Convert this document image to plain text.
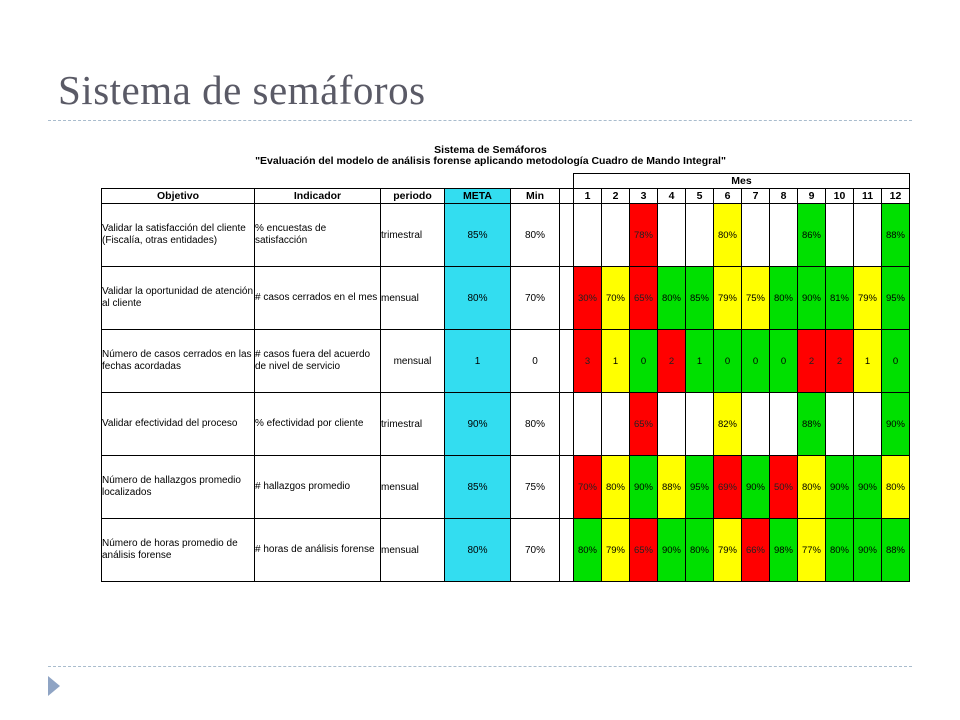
Sistema de semáforos
Sistema de Semáforos
"Evaluación del modelo de análisis forense aplicando metodología Cuadro de Mando Integral"
						Mes											
Objetivo	Indicador	periodo	META	Min		1	2	3	4	5	6	7	8	9	10	11	12
Validar la satisfacción del cliente (Fiscalía, otras entidades)	% encuestas de satisfacción	trimestral	85%	80%				78%			80%			86%			88%
Validar la oportunidad de atención al cliente	# casos cerrados en el mes	mensual	80%	70%		30%	70%	65%	80%	85%	79%	75%	80%	90%	81%	79%	95%
Número de casos cerrados en las fechas acordadas	# casos fuera del acuerdo de nivel de servicio	mensual	1	0		3	1	0	2	1	0	0	0	2	2	1	0
Validar efectividad del proceso	% efectividad por cliente	trimestral	90%	80%				65%			82%			88%			90%
Número de hallazgos promedio localizados	# hallazgos promedio	mensual	85%	75%		70%	80%	90%	88%	95%	69%	90%	50%	80%	90%	90%	80%
Número de horas promedio de análisis forense	# horas de análisis forense	mensual	80%	70%		80%	79%	65%	90%	80%	79%	66%	98%	77%	80%	90%	88%
